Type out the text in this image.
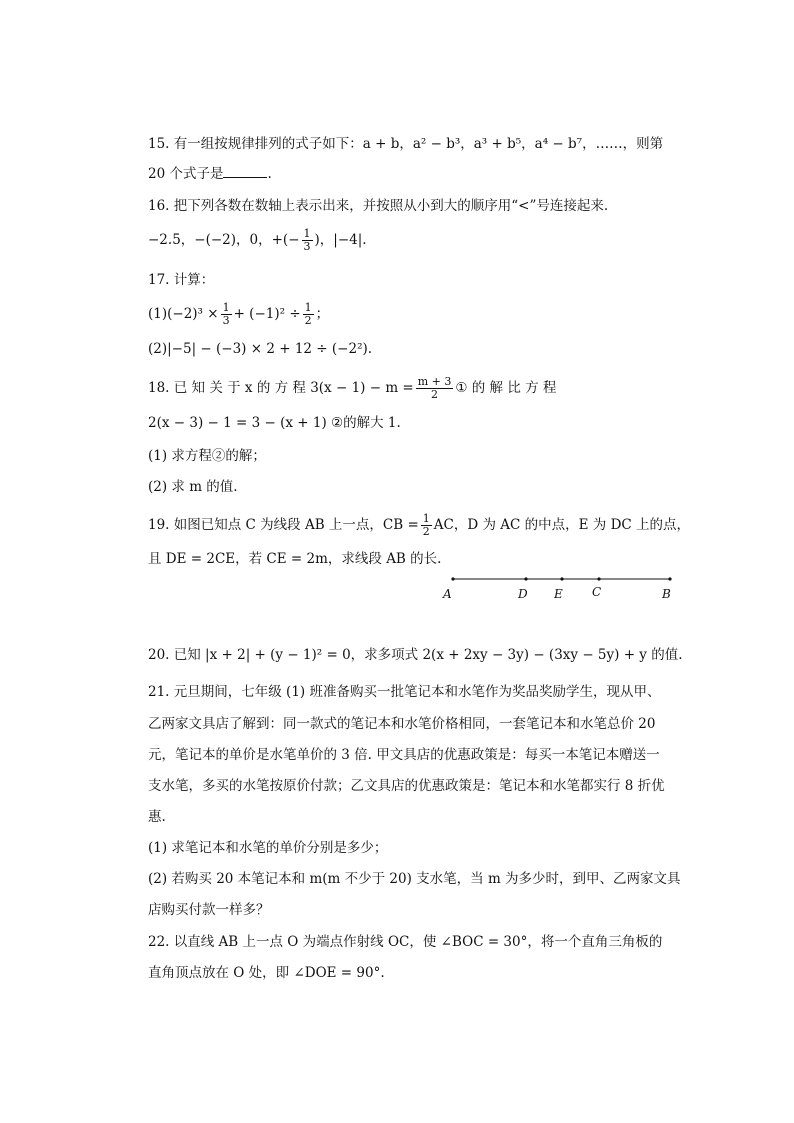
15. 有一组按规律排列的式子如下：a + b，a² − b³，a³ + b⁵，a⁴ − b⁷，……，则第
20 个式子是	.
16. 把下列各数在数轴上表示出来，并按照从小到大的顺序用“<”号连接起来.
−2.5，−(−2)，0，+(− $\frac{1}{3}$ )，|−4|.
17. 计算：
$(1)(-2)^3 \times \frac{1}{3} + (-1)^2 \div \frac{1}{2}$ ；
(2)|−5| − (−3) × 2 + 12 ÷ (−2²).
18. 已 知 关 于 x 的 方 程 $3(x - 1) - m = \frac{m + 3}{2}$ ① 的 解 比 方 程
2(x − 3) − 1 = 3 − (x + 1) ②的解大 1.
(1) 求方程②的解；
(2) 求 m 的值.
19. 如图已知点 C 为线段 AB 上一点，CB = $\frac{1}{2}$ AC，D 为 AC 的中点，E 为 DC 上的点，
且 DE = 2CE，若 CE = 2m，求线段 AB 的长.
A	D E C	B
20. 已知 |x + 2| + (y − 1)² = 0，求多项式 2(x + 2xy − 3y) − (3xy − 5y) + y 的值.
21. 元旦期间，七年级 (1) 班准备购买一批笔记本和水笔作为奖品奖励学生，现从甲、
乙两家文具店了解到：同一款式的笔记本和水笔价格相同，一套笔记本和水笔总价 20
元，笔记本的单价是水笔单价的 3 倍. 甲文具店的优惠政策是：每买一本笔记本赠送一
支水笔，多买的水笔按原价付款；乙文具店的优惠政策是：笔记本和水笔都实行 8 折优
惠.
(1) 求笔记本和水笔的单价分别是多少；
(2) 若购买 20 本笔记本和 m(m 不少于 20) 支水笔，当 m 为多少时，到甲、乙两家文具
店购买付款一样多？
22. 以直线 AB 上一点 O 为端点作射线 OC，使 ∠BOC = 30°，将一个直角三角板的
直角顶点放在 O 处，即 ∠DOE = 90°.
